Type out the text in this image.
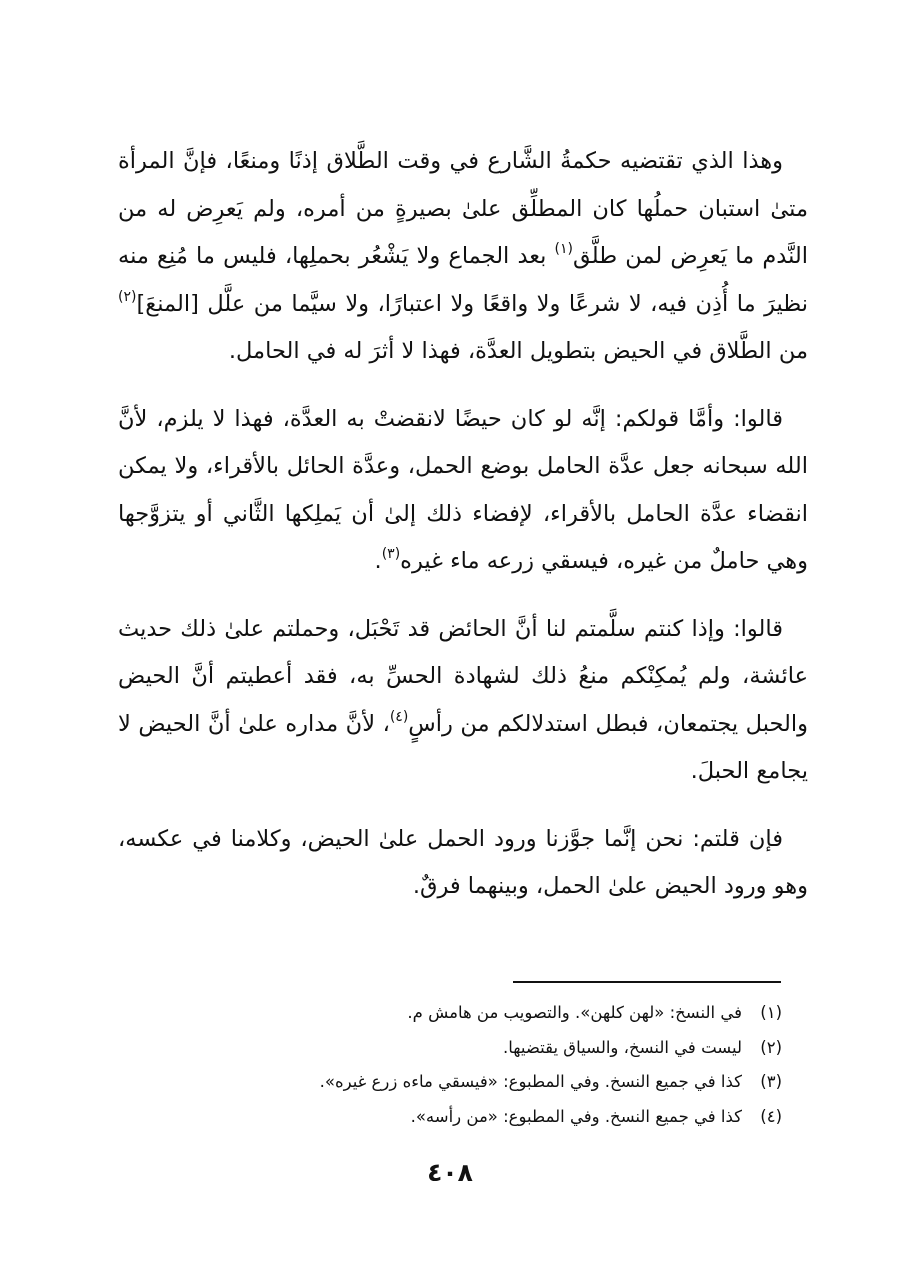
وهذا الذي تقتضيه حكمةُ الشَّارع في وقت الطَّلاق إذنًا ومنعًا، فإنَّ المرأة متىٰ استبان حملُها كان المطلِّق علىٰ بصيرةٍ من أمره، ولم يَعرِض له من النَّدم ما يَعرِض لمن طلَّق$^{(١)}$ بعد الجماع ولا يَشْعُر بحملِها، فليس ما مُنِع منه نظيرَ ما أُذِن فيه، لا شرعًا ولا واقعًا ولا اعتبارًا، ولا سيَّما من علَّل [المنعَ]$^{(٢)}$ من الطَّلاق في الحيض بتطويل العدَّة، فهذا لا أثرَ له في الحامل.

قالوا: وأمَّا قولكم: إنَّه لو كان حيضًا لانقضتْ به العدَّة، فهذا لا يلزم، لأنَّ الله سبحانه جعل عدَّة الحامل بوضع الحمل، وعدَّة الحائل بالأقراء، ولا يمكن انقضاء عدَّة الحامل بالأقراء، لإفضاء ذلك إلىٰ أن يَملِكها الثَّاني أو يتزوَّجها وهي حاملٌ من غيره، فيسقي زرعه ماء غيره$^{(٣)}$.

قالوا: وإذا كنتم سلَّمتم لنا أنَّ الحائض قد تَحْبَل، وحملتم علىٰ ذلك حديث عائشة، ولم يُمكِنْكم منعُ ذلك لشهادة الحسِّ به، فقد أعطيتم أنَّ الحيض والحبل يجتمعان، فبطل استدلالكم من رأسٍ$^{(٤)}$، لأنَّ مداره علىٰ أنَّ الحيض لا يجامع الحبلَ.

فإن قلتم: نحن إنَّما جوَّزنا ورود الحمل علىٰ الحيض، وكلامنا في عكسه، وهو ورود الحيض علىٰ الحمل، وبينهما فرقٌ.

(١)في النسخ: «لهن كلهن». والتصويب من هامش م.
(٢)ليست في النسخ، والسياق يقتضيها.
(٣)كذا في جميع النسخ. وفي المطبوع: «فيسقي ماءه زرع غيره».
(٤)كذا في جميع النسخ. وفي المطبوع: «من رأسه».
٤٠٨
